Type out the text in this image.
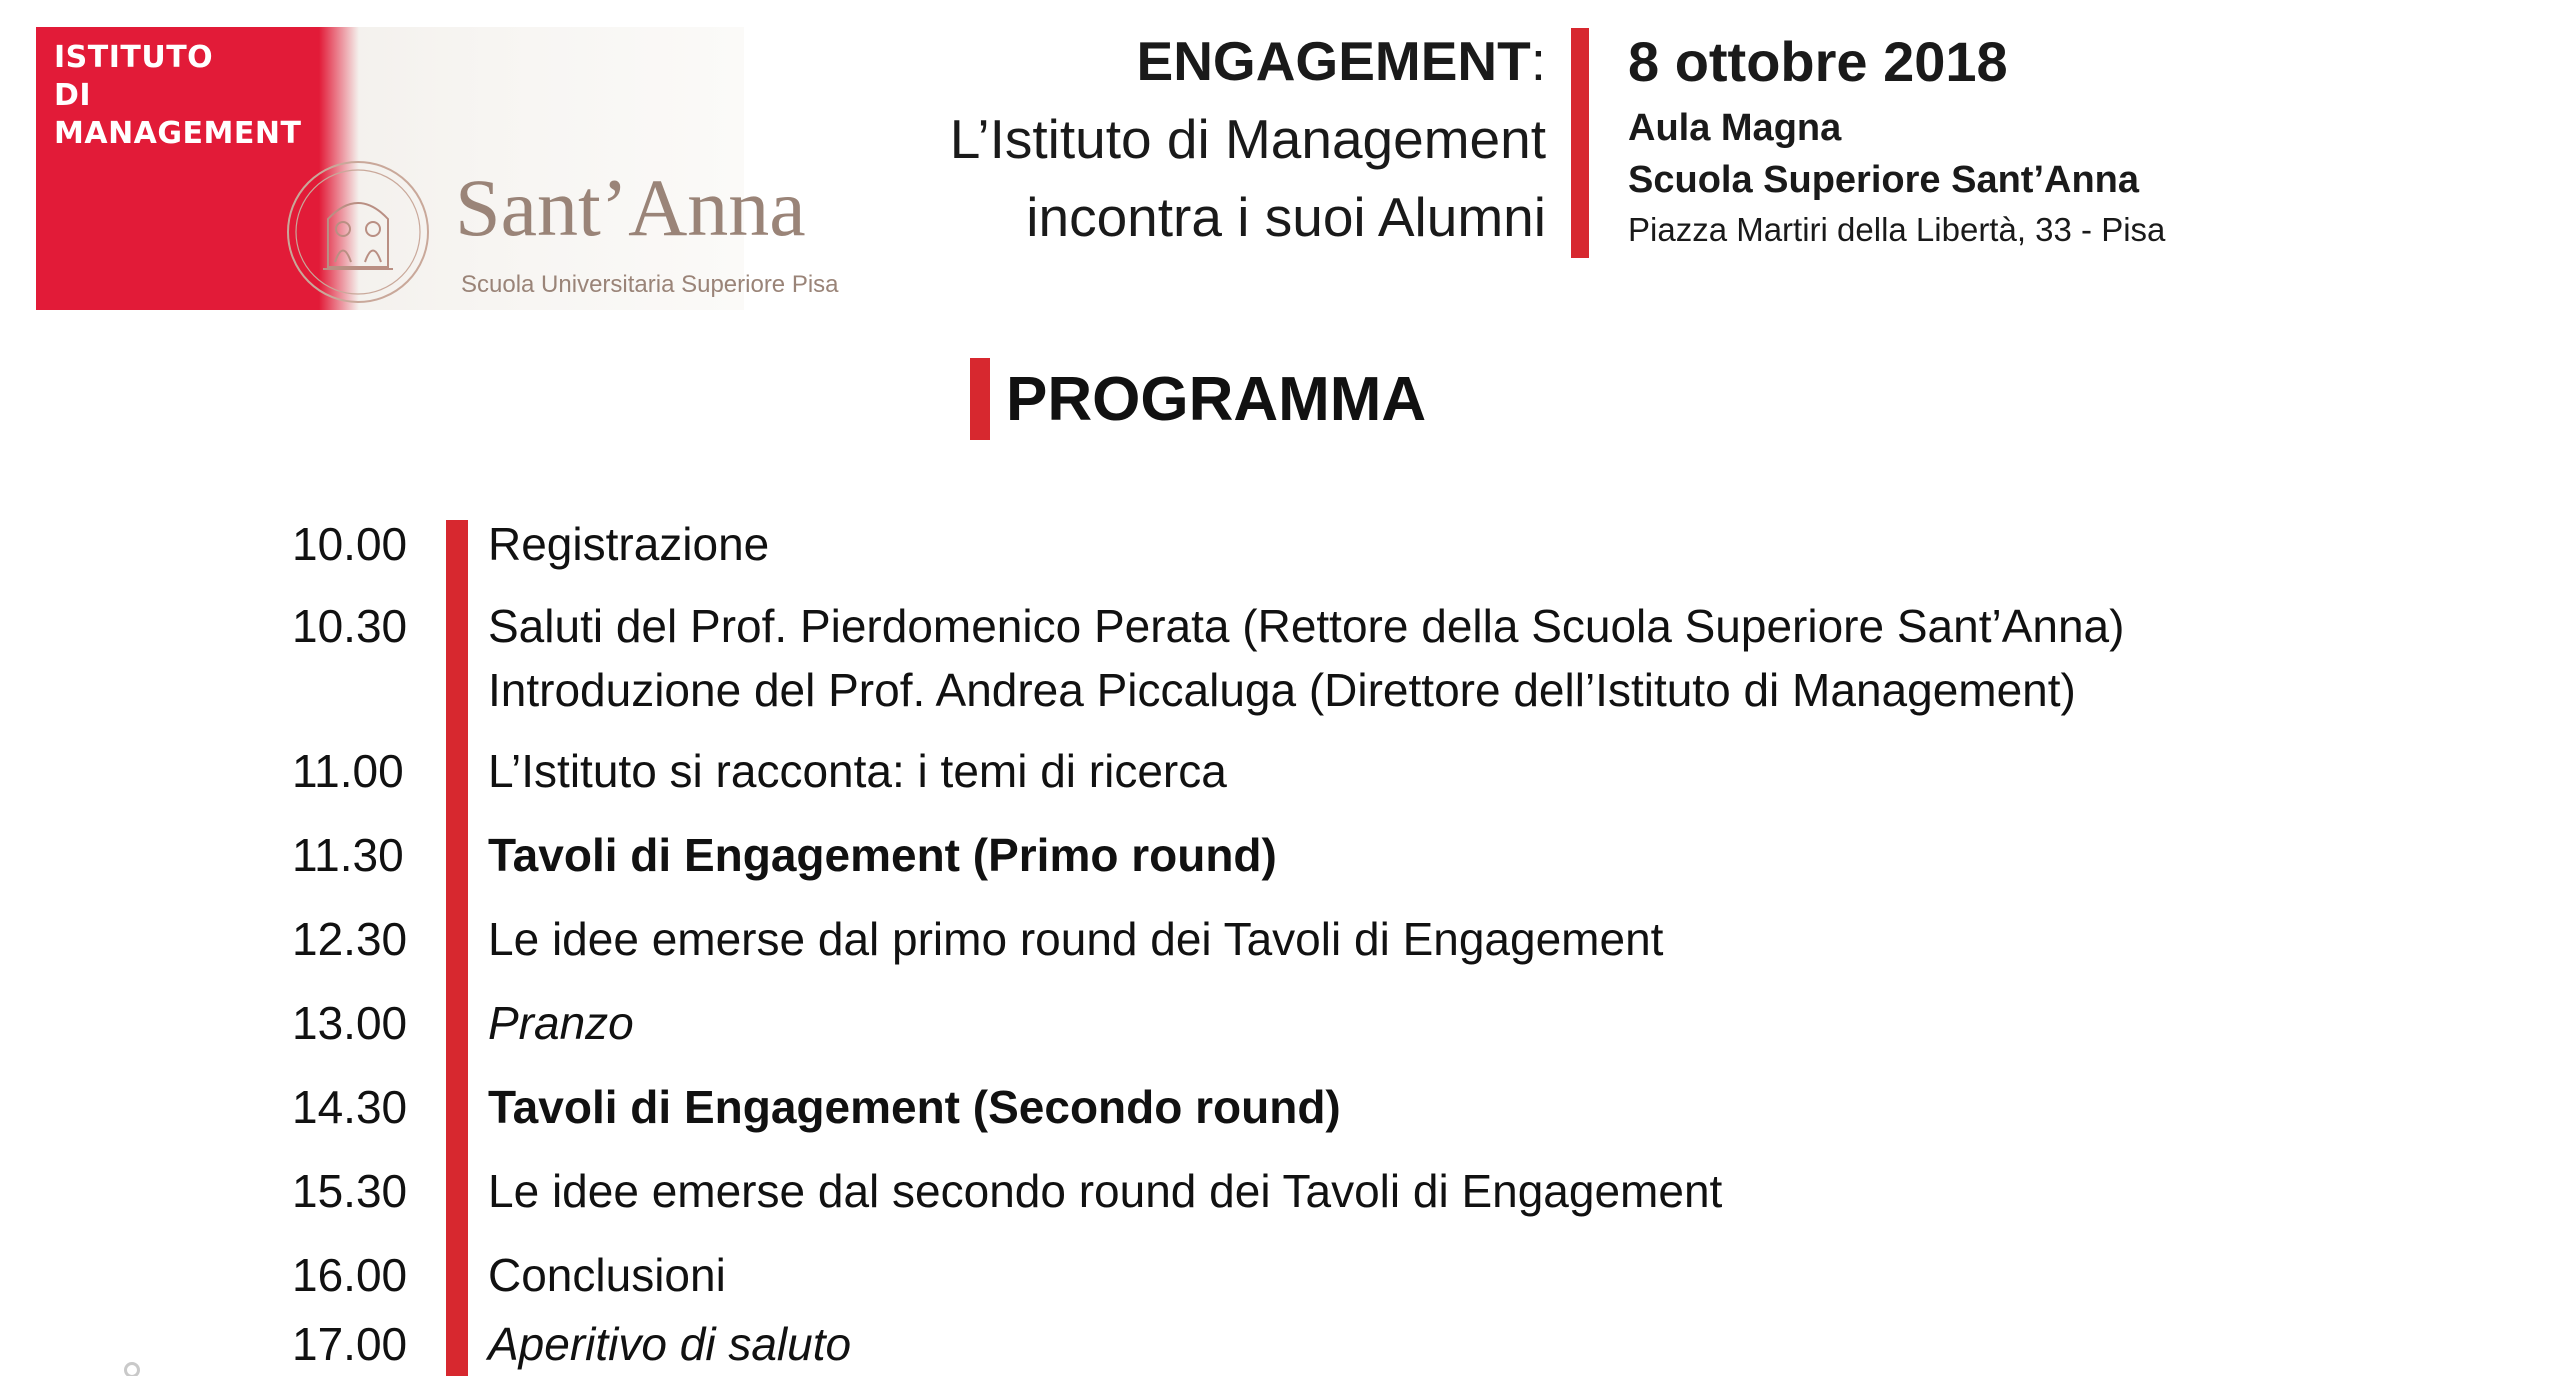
ISTITUTO
DI MANAGEMENT
Sant’Anna
Scuola Universitaria Superiore Pisa
ENGAGEMENT:
L’Istituto di Management
incontra i suoi Alumni
8 ottobre 2018
Aula Magna
Scuola Superiore Sant’Anna
Piazza Martiri della Libertà, 33 - Pisa
PROGRAMMA
10.00 Registrazione
10.30 Saluti del Prof. Pierdomenico Perata (Rettore della Scuola Superiore Sant’Anna)
Introduzione del Prof. Andrea Piccaluga (Direttore dell’Istituto di Management)
11.00 L’Istituto si racconta: i temi di ricerca
11.30 Tavoli di Engagement (Primo round)
12.30 Le idee emerse dal primo round dei Tavoli di Engagement
13.00 Pranzo
14.30 Tavoli di Engagement (Secondo round)
15.30 Le idee emerse dal secondo round dei Tavoli di Engagement
16.00 Conclusioni
17.00 Aperitivo di saluto
